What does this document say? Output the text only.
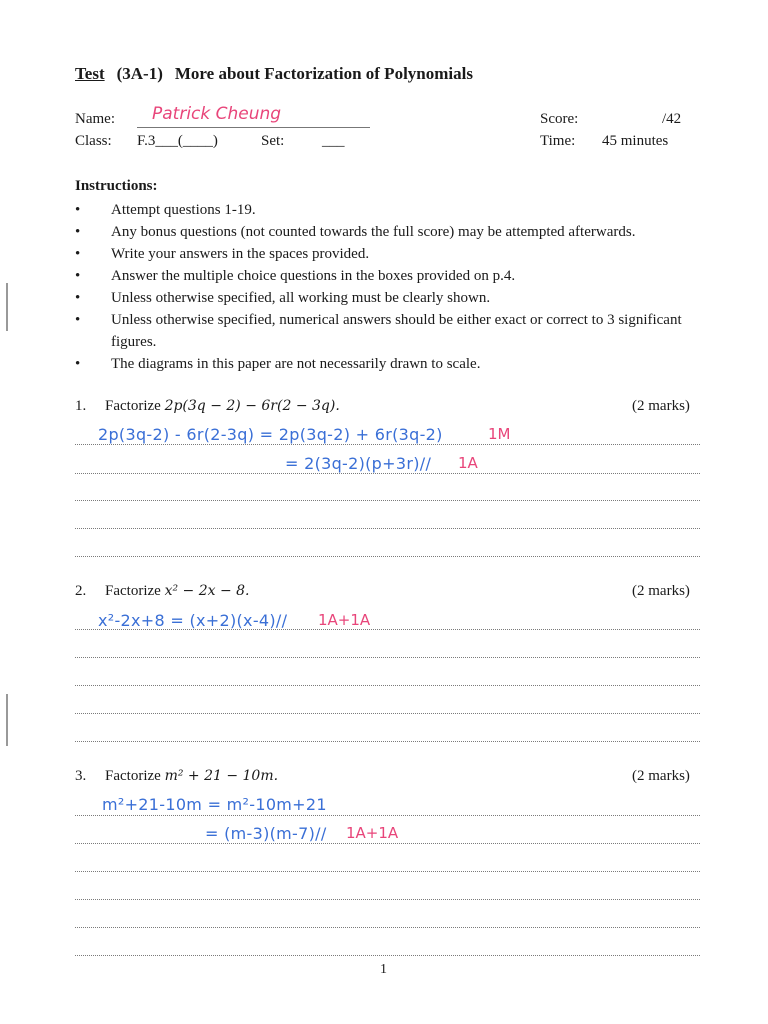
Test (3A-1) More about Factorization of Polynomials
Name: Patrick Cheung
Class: F.3___(____)	Set:	___
Score:	/42
Time: 45 minutes
Instructions:
• Attempt questions 1-19.
• Any bonus questions (not counted towards the full score) may be attempted afterwards.
• Write your answers in the spaces provided.
• Answer the multiple choice questions in the boxes provided on p.4.
• Unless otherwise specified, all working must be clearly shown.
• Unless otherwise specified, numerical answers should be either exact or correct to 3 significant figures.
• The diagrams in this paper are not necessarily drawn to scale.
1. Factorize 2p(3q − 2) − 6r(2 − 3q).	(2 marks)
2p(3q-2) - 6r(2-3q) = 2p(3q-2) + 6r(3q-2)	1M
= 2(3q-2)(p+3r)// 1A
2. Factorize x² − 2x − 8.	(2 marks)
x²-2x+8 = (x+2)(x-4)// 1A+1A
3. Factorize m² + 21 − 10m.	(2 marks)
m²+21-10m = m²-10m+21
= (m-3)(m-7)// 1A+1A
1
